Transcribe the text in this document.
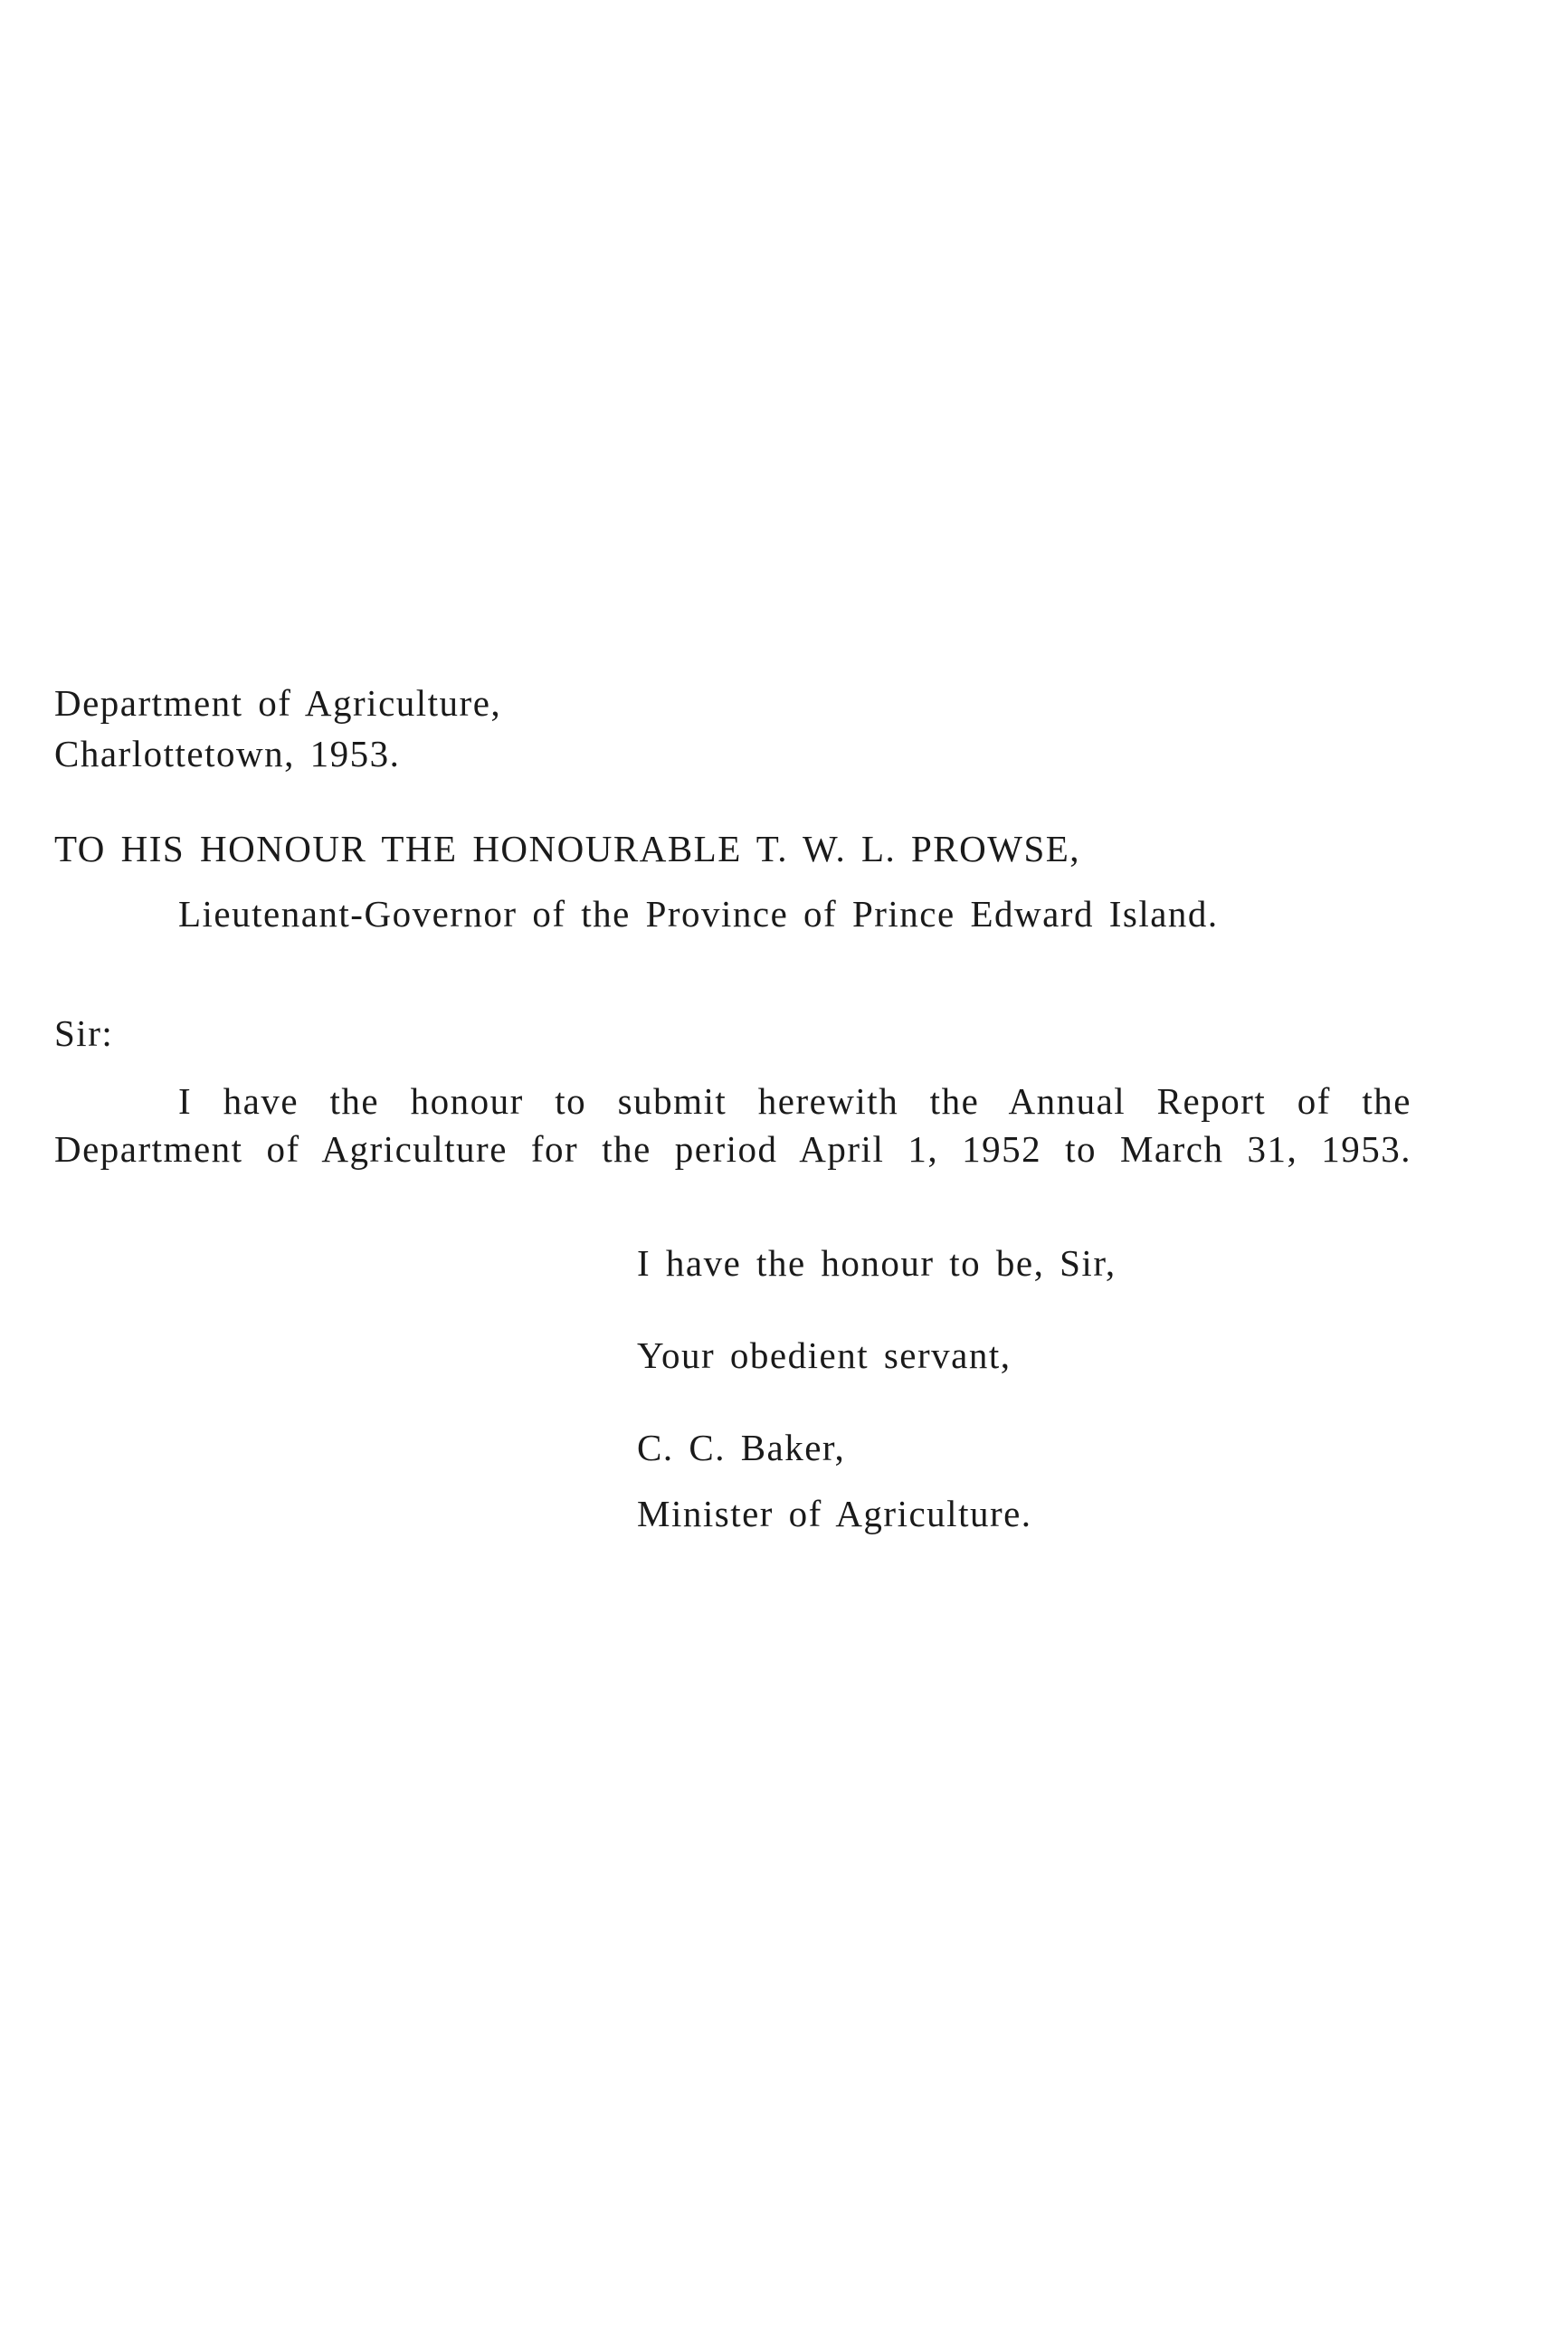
Department of Agriculture,

Charlottetown, 1953.

TO HIS HONOUR THE HONOURABLE T. W. L. PROWSE,

Lieutenant-Governor of the Province of Prince Edward Island.

Sir:

I have the honour to submit herewith the Annual Report of the

Department of Agriculture for the period April 1, 1952 to March 31, 1953.

I have the honour to be, Sir,

Your obedient servant,

C. C. Baker,

Minister of Agriculture.
